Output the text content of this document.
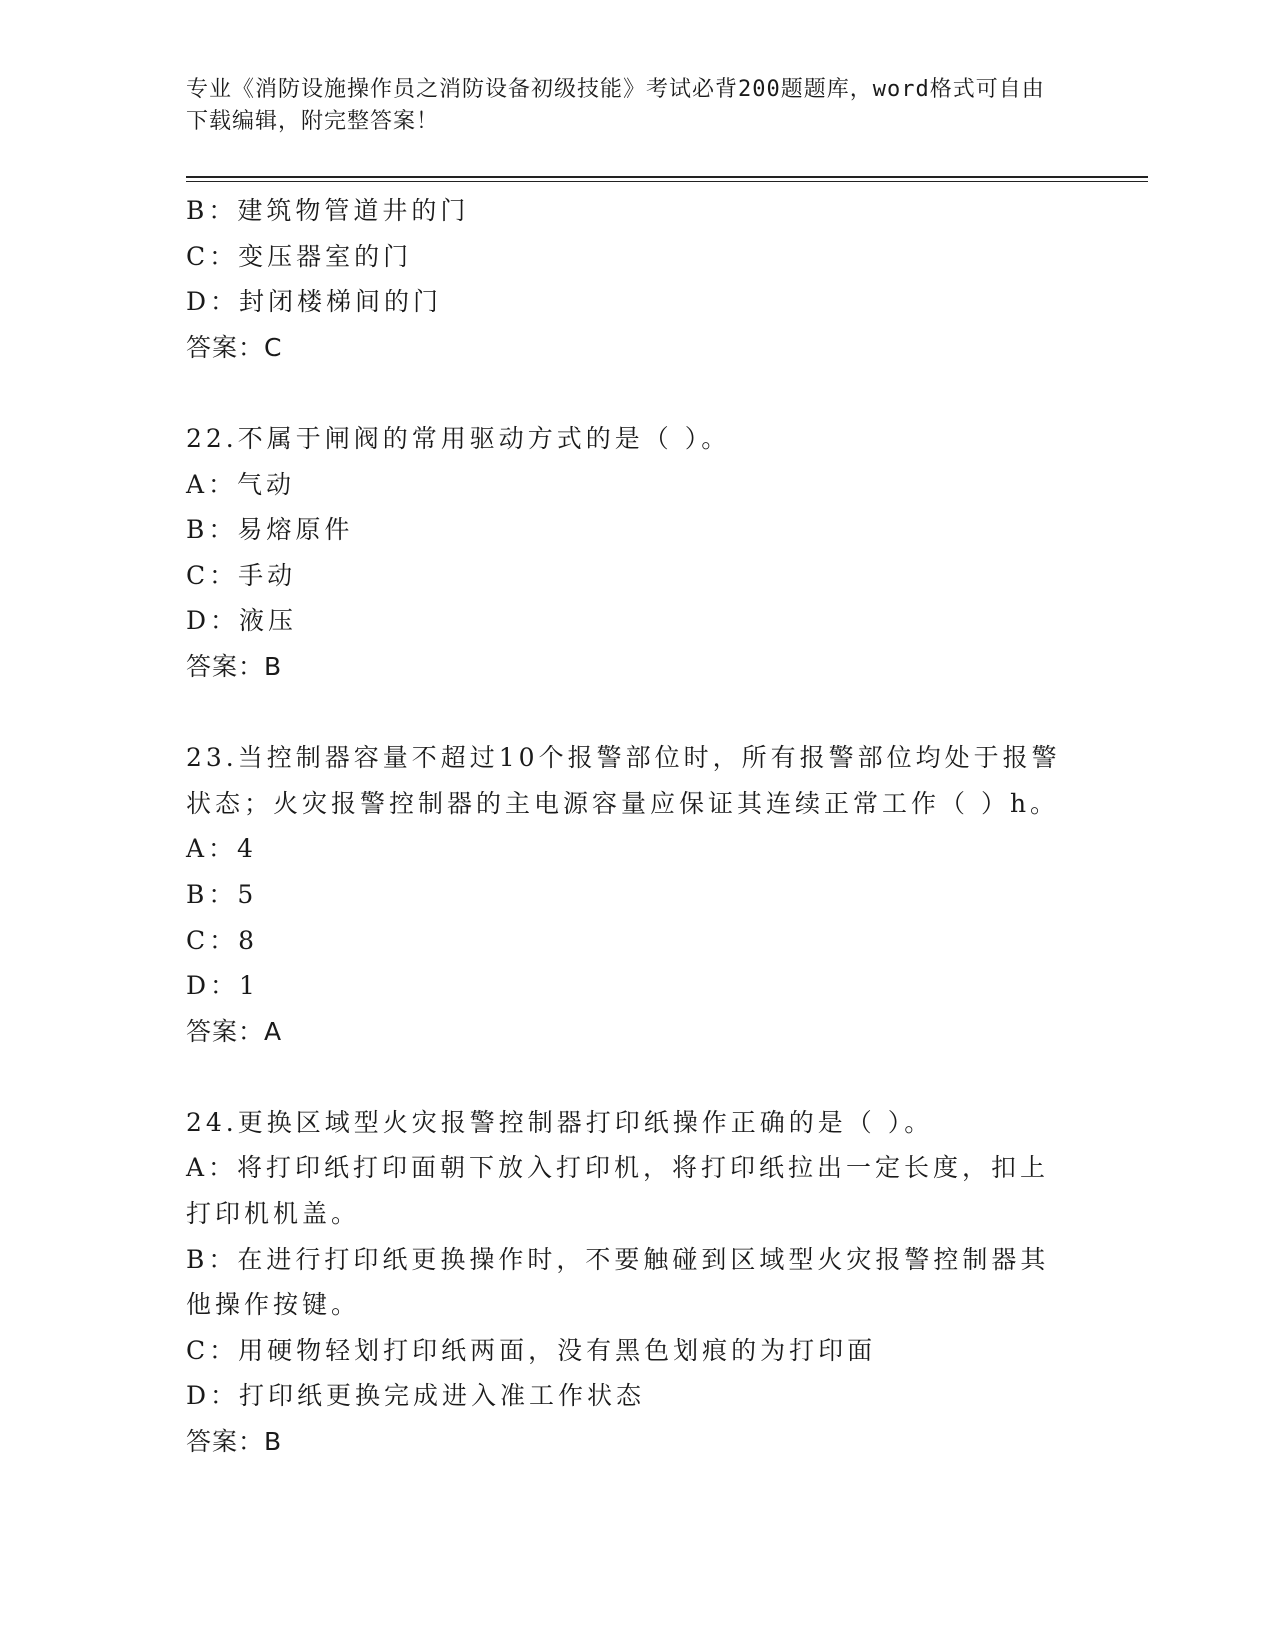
专业《消防设施操作员之消防设备初级技能》考试必背200题题库，word格式可自由下载编辑，附完整答案！
B：建筑物管道井的门
C：变压器室的门
D：封闭楼梯间的门
答案：C
22.不属于闸阀的常用驱动方式的是（ ）。
A：气动
B：易熔原件
C：手动
D：液压
答案：B
23.当控制器容量不超过10个报警部位时，所有报警部位均处于报警状态；火灾报警控制器的主电源容量应保证其连续正常工作（ ）h。
A：4
B：5
C：8
D：1
答案：A
24.更换区域型火灾报警控制器打印纸操作正确的是（ ）。
A：将打印纸打印面朝下放入打印机，将打印纸拉出一定长度，扣上打印机机盖。
B：在进行打印纸更换操作时，不要触碰到区域型火灾报警控制器其他操作按键。
C：用硬物轻划打印纸两面，没有黑色划痕的为打印面
D：打印纸更换完成进入准工作状态
答案：B
